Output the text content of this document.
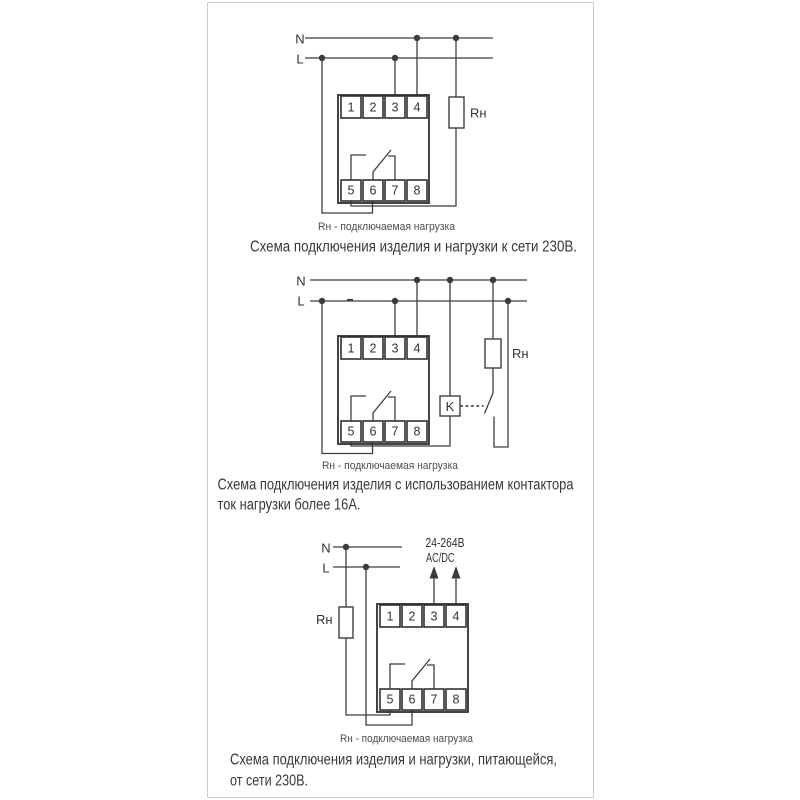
Rн
N
L
1 2 3 4
5 6 7 8
Rн - подключаемая нагрузка
Схема подключения изделия и нагрузки к сети 230В.
K
Rн
N
L
1 2 3 4
5 6 7 8
Rн - подключаемая нагрузка
Схема подключения изделия с использованием контактора
ток нагрузки более 16А.
Rн
N
L
24-264В
AC/DC
1 2 3 4
5 6 7 8
Rн - подключаемая нагрузка
Схема подключения изделия и нагрузки, питающейся,
от сети 230В.
